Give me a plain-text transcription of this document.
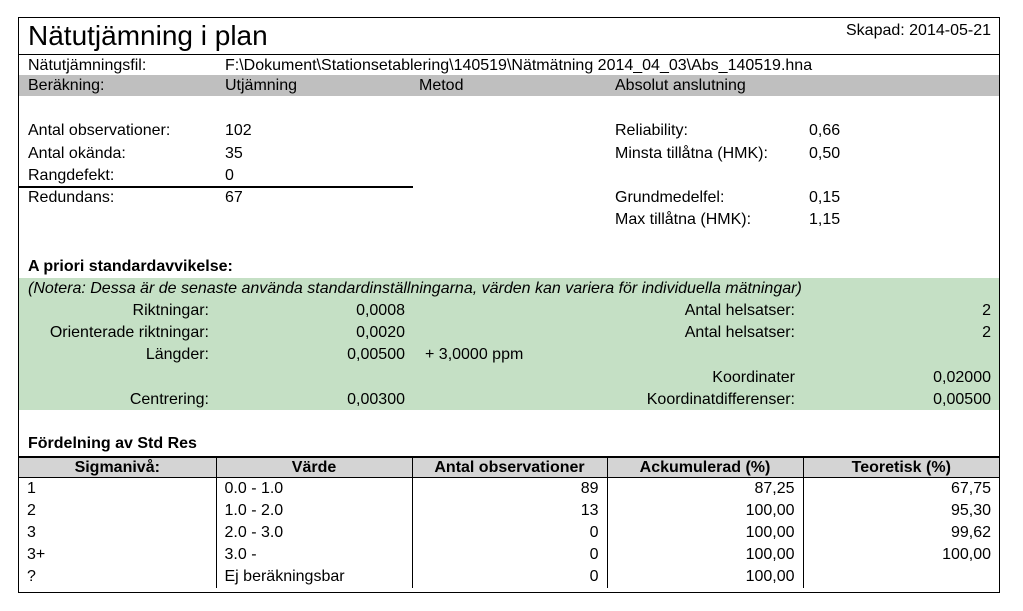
Nätutjämning i plan	Skapad: 2014-05-21
Nätutjämningsfil:	F:\Dokument\Stationsetablering\140519\Nätmätning 2014_04_03\Abs_140519.hna
Beräkning:	Utjämning	Metod	Absolut anslutning
Antal observationer:	102
Antal okända:	35
Rangdefekt:	0
Redundans:	67
Reliability:	0,66
Minsta tillåtna (HMK):	0,50
Grundmedelfel:	0,15
Max tillåtna (HMK):	1,15
A priori standardavvikelse:
(Notera: Dessa är de senaste använda standardinställningarna, värden kan variera för individuella mätningar)
Riktningar:	0,0008
Orienterade riktningar:	0,0020
Längder:	0,00500 + 3,0000 ppm
Centrering:	0,00300
Antal helsatser:	2
Antal helsatser:	2
Koordinater	0,02000
Koordinatdifferenser:	0,00500
Fördelning av Std Res
Sigmanivå:	Värde	Antal observationer	Ackumulerad (%)	Teoretisk (%)
1	0.0 - 1.0	89	87,25	67,75
2	1.0 - 2.0	13	100,00	95,30
3	2.0 - 3.0	0	100,00	99,62
3+	3.0 -	0	100,00	100,00
?	Ej beräkningsbar	0	100,00	
